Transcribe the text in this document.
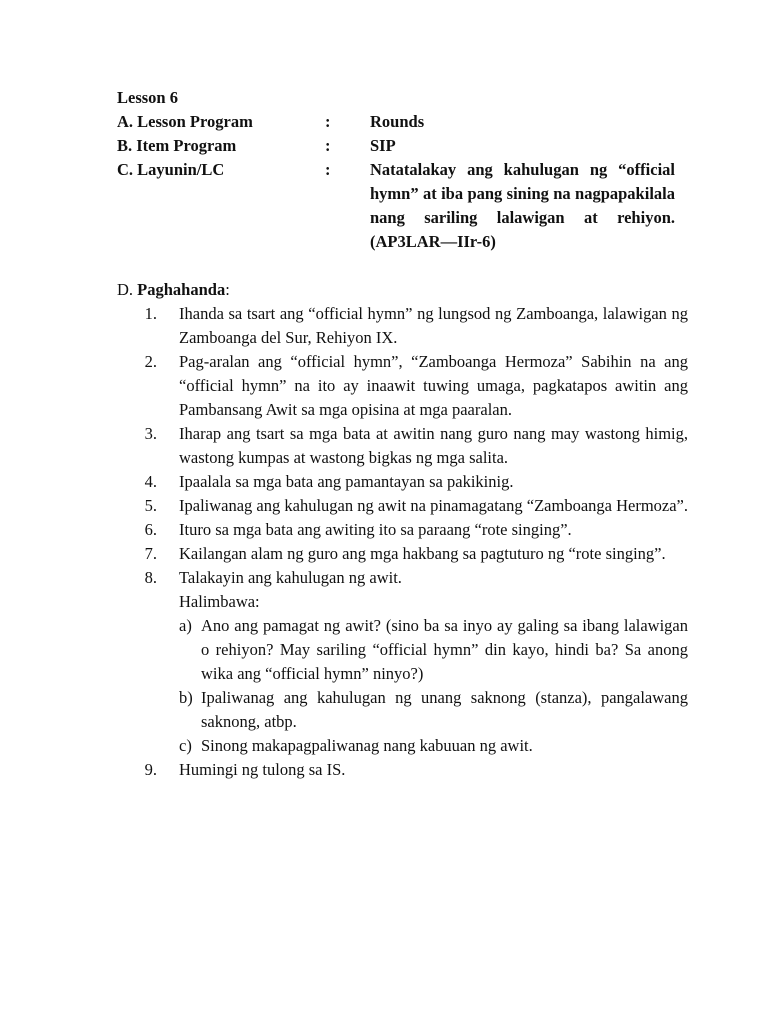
Lesson 6
A. Lesson Program	:	Rounds
B. Item Program	:	SIP
C. Layunin/LC	:	Natatalakay ang kahulugan ng “official hymn” at iba pang sining na nagpapakilala nang sariling lalawigan at rehiyon. (AP3LAR—IIr-6)
D. Paghahanda:
1.	Ihanda sa tsart ang “official hymn” ng lungsod ng Zamboanga, lalawigan ng Zamboanga del Sur, Rehiyon IX.
2.	Pag-aralan ang “official hymn”, “Zamboanga Hermoza” Sabihin na ang “official hymn” na ito ay inaawit tuwing umaga, pagkatapos awitin ang Pambansang Awit sa mga opisina at mga paaralan.
3.	Iharap ang tsart sa mga bata at awitin nang guro nang may wastong himig, wastong kumpas at wastong bigkas ng mga salita.
4.	Ipaalala sa mga bata ang pamantayan sa pakikinig.
5.	Ipaliwanag ang kahulugan ng awit na pinamagatang “Zamboanga Hermoza”.
6.	Ituro sa mga bata ang awiting ito sa paraang “rote singing”.
7.	Kailangan alam ng guro ang mga hakbang sa pagtuturo ng “rote singing”.
8.	Talakayin ang kahulugan ng awit.
Halimbawa:
a) Ano ang pamagat ng awit? (sino ba sa inyo ay galing sa ibang lalawigan o rehiyon? May sariling “official hymn” din kayo, hindi ba? Sa anong wika ang “official hymn” ninyo?)
b) Ipaliwanag ang kahulugan ng unang saknong (stanza), pangalawang saknong, atbp.
c) Sinong makapagpaliwanag nang kabuuan ng awit.
9.	Humingi ng tulong sa IS.
